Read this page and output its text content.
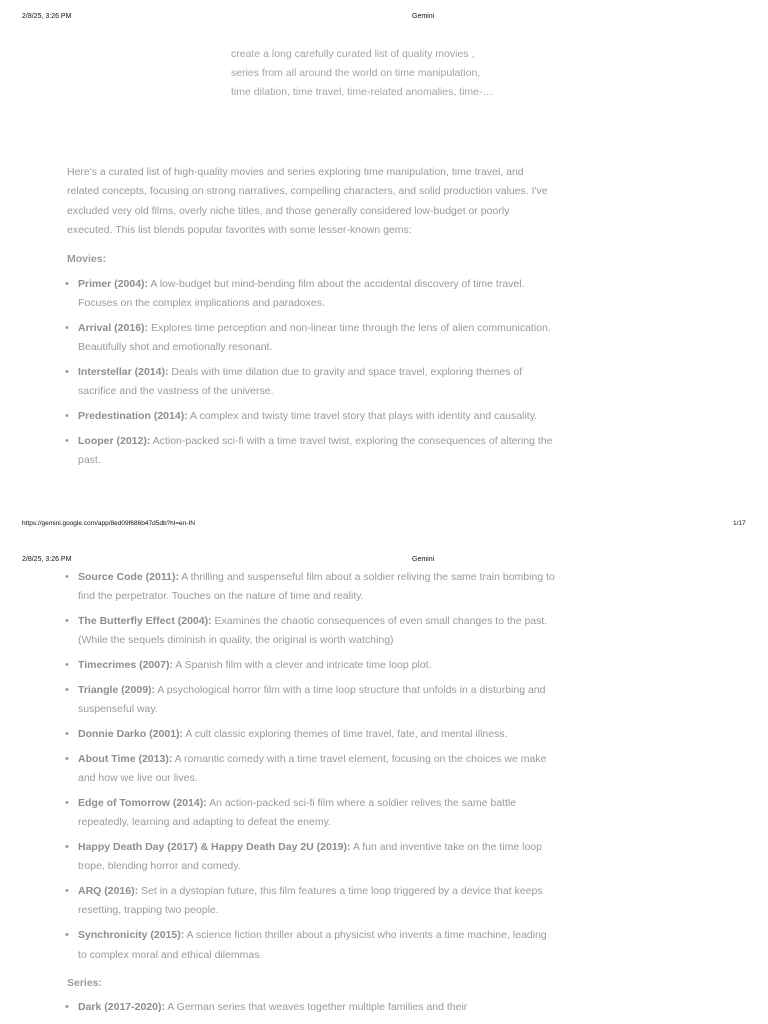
2/8/25, 3:26 PM	Gemini
create a long carefully curated list of quality movies ,
series from all around the world on time manipulation,
time dilation, time travel, time-related anomalies, time-…
Here's a curated list of high-quality movies and series exploring time manipulation, time travel, and related concepts, focusing on strong narratives, compelling characters, and solid production values. I've excluded very old films, overly niche titles, and those generally considered low-budget or poorly executed. This list blends popular favorites with some lesser-known gems:
Movies:
• Primer (2004): A low-budget but mind-bending film about the accidental discovery of time travel. Focuses on the complex implications and paradoxes.
• Arrival (2016): Explores time perception and non-linear time through the lens of alien communication. Beautifully shot and emotionally resonant.
• Interstellar (2014): Deals with time dilation due to gravity and space travel, exploring themes of sacrifice and the vastness of the universe.
• Predestination (2014): A complex and twisty time travel story that plays with identity and causality.
• Looper (2012): Action-packed sci-fi with a time travel twist, exploring the consequences of altering the past.
https://gemini.google.com/app/8ed09f686b47d5db?hl=en-IN	1/17
2/8/25, 3:26 PM	Gemini
• Source Code (2011): A thrilling and suspenseful film about a soldier reliving the same train bombing to find the perpetrator. Touches on the nature of time and reality.
• The Butterfly Effect (2004): Examines the chaotic consequences of even small changes to the past. (While the sequels diminish in quality, the original is worth watching)
• Timecrimes (2007): A Spanish film with a clever and intricate time loop plot.
• Triangle (2009): A psychological horror film with a time loop structure that unfolds in a disturbing and suspenseful way.
• Donnie Darko (2001): A cult classic exploring themes of time travel, fate, and mental illness.
• About Time (2013): A romantic comedy with a time travel element, focusing on the choices we make and how we live our lives.
• Edge of Tomorrow (2014): An action-packed sci-fi film where a soldier relives the same battle repeatedly, learning and adapting to defeat the enemy.
• Happy Death Day (2017) & Happy Death Day 2U (2019): A fun and inventive take on the time loop trope, blending horror and comedy.
• ARQ (2016): Set in a dystopian future, this film features a time loop triggered by a device that keeps resetting, trapping two people.
• Synchronicity (2015): A science fiction thriller about a physicist who invents a time machine, leading to complex moral and ethical dilemmas.
Series:
• Dark (2017-2020): A German series that weaves together multiple families and their
